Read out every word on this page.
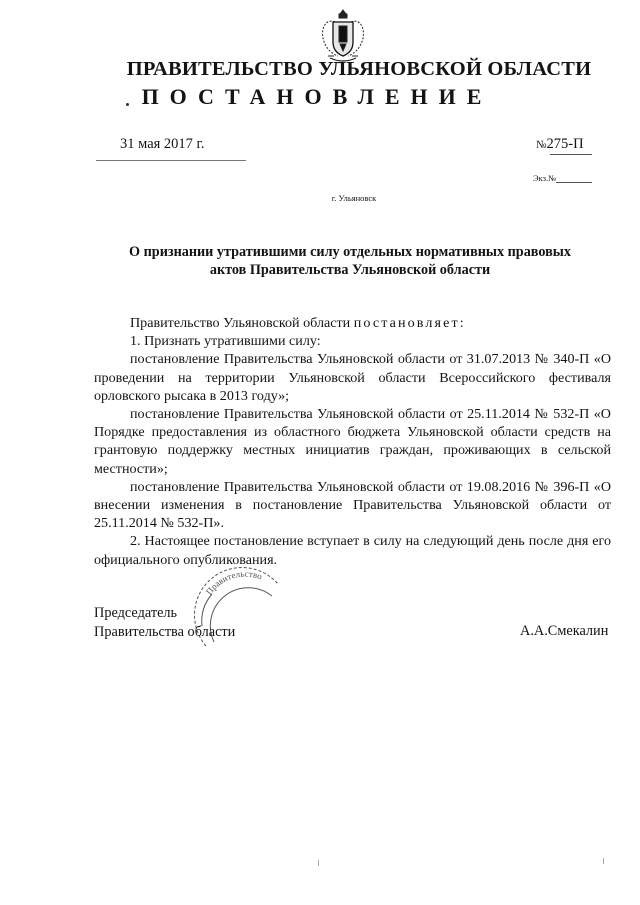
ПРАВИТЕЛЬСТВО УЛЬЯНОВСКОЙ ОБЛАСТИ
ПОСТАНОВЛЕНИЕ
31 мая 2017 г.	№275-П
Экз.№
г. Ульяновск
О признании утратившими силу отдельных нормативных правовых актов Правительства Ульяновской области

Правительство Ульяновской области постановляет:

1. Признать утратившими силу:

постановление Правительства Ульяновской области от 31.07.2013 № 340-П «О проведении на территории Ульяновской области Всероссийского фестиваля орловского рысака в 2013 году»;

постановление Правительства Ульяновской области от 25.11.2014 № 532-П «О Порядке предоставления из областного бюджета Ульяновской области средств на грантовую поддержку местных инициатив граждан, проживающих в сельской местности»;

постановление Правительства Ульяновской области от 19.08.2016 № 396-П «О внесении изменения в постановление Правительства Ульяновской области от 25.11.2014 № 532-П».

2. Настоящее постановление вступает в силу на следующий день после дня его официального опубликования.

Правительство
Председатель
Правительства области	А.А.Смекалин
